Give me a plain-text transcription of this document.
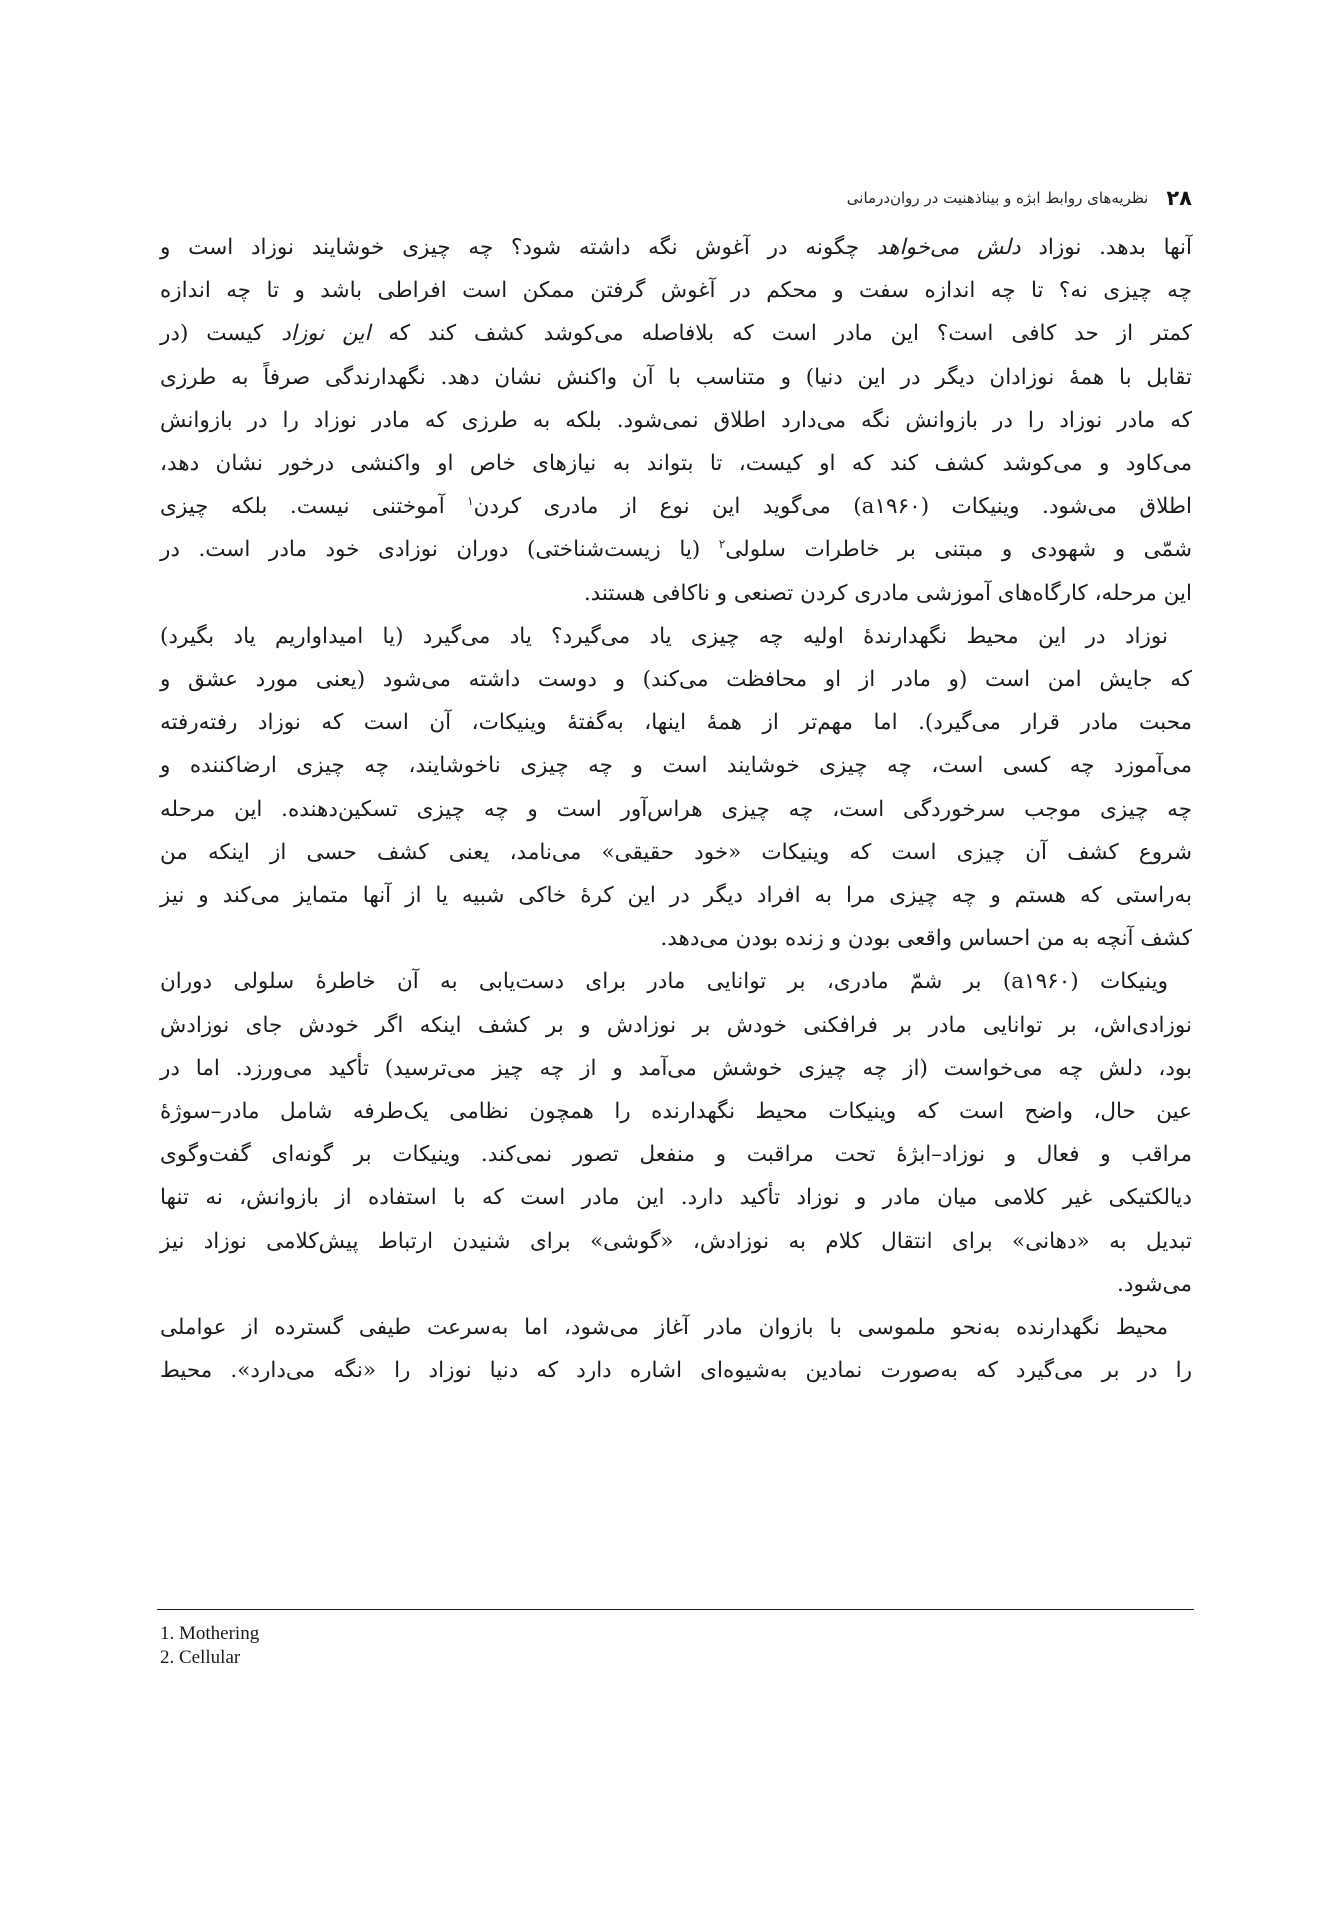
۲۸
نظریه‌های روابط ابژه و بیناذهنیت در روان‌درمانی
آنها بدهد. نوزاد دلش می‌خواهد چگونه در آغوش نگه داشته شود؟ چه چیزی خوشایند نوزاد است و
چه چیزی نه؟ تا چه اندازه سفت و محکم در آغوش گرفتن ممکن است افراطی باشد و تا چه اندازه
کمتر از حد کافی است؟ این مادر است که بلافاصله می‌کوشد کشف کند که این نوزاد کیست (در
تقابل با همهٔ نوزادان دیگر در این دنیا) و متناسب با آن واکنش نشان دهد. نگهدارندگی صرفاً به طرزی
که مادر نوزاد را در بازوانش نگه می‌دارد اطلاق نمی‌شود. بلکه به طرزی که مادر نوزاد را در بازوانش
می‌کاود و می‌کوشد کشف کند که او کیست، تا بتواند به نیازهای خاص او واکنشی درخور نشان دهد،
اطلاق می‌شود. وینیکات (a۱۹۶۰) می‌گوید این نوع از مادری کردن$^۱$ آموختنی نیست. بلکه چیزی
شمّی و شهودی و مبتنی بر خاطرات سلولی$^۲$ (یا زیست‌شناختی) دوران نوزادی خود مادر است. در
این مرحله، کارگاه‌های آموزشی مادری کردن تصنعی و ناکافی هستند.
نوزاد در این محیط نگهدارندهٔ اولیه چه چیزی یاد می‌گیرد؟ یاد می‌گیرد (یا امیداواریم یاد بگیرد)
که جایش امن است (و مادر از او محافظت می‌کند) و دوست داشته می‌شود (یعنی مورد عشق و
محبت مادر قرار می‌گیرد). اما مهم‌تر از همهٔ اینها، به‌گفتهٔ وینیکات، آن است که نوزاد رفته‌رفته
می‌آموزد چه کسی است، چه چیزی خوشایند است و چه چیزی ناخوشایند، چه چیزی ارضاکننده و
چه چیزی موجب سرخوردگی است، چه چیزی هراس‌آور است و چه چیزی تسکین‌دهنده. این مرحله
شروع کشف آن چیزی است که وینیکات «خود حقیقی» می‌نامد، یعنی کشف حسی از اینکه من
به‌راستی که هستم و چه چیزی مرا به افراد دیگر در این کرهٔ خاکی شبیه یا از آنها متمایز می‌کند و نیز
کشف آنچه به من احساس واقعی بودن و زنده بودن می‌دهد.
وینیکات (a۱۹۶۰) بر شمّ مادری، بر توانایی مادر برای دست‌یابی به آن خاطرهٔ سلولی دوران
نوزادی‌اش، بر توانایی مادر بر فرافکنی خودش بر نوزادش و بر کشف اینکه اگر خودش جای نوزادش
بود، دلش چه می‌خواست (از چه چیزی خوشش می‌آمد و از چه چیز می‌ترسید) تأکید می‌ورزد. اما در
عین حال، واضح است که وینیکات محیط نگهدارنده را همچون نظامی یک‌طرفه شامل مادر–سوژهٔ
مراقب و فعال و نوزاد–ابژهٔ تحت مراقبت و منفعل تصور نمی‌کند. وینیکات بر گونه‌ای گفت‌وگوی
دیالکتیکی غیر کلامی میان مادر و نوزاد تأکید دارد. این مادر است که با استفاده از بازوانش، نه تنها
تبدیل به «دهانی» برای انتقال کلام به نوزادش، «گوشی» برای شنیدن ارتباط پیش‌کلامی نوزاد نیز
می‌شود.
محیط نگهدارنده به‌نحو ملموسی با بازوان مادر آغاز می‌شود، اما به‌سرعت طیفی گسترده از عواملی
را در بر می‌گیرد که به‌صورت نمادین به‌شیوه‌ای اشاره دارد که دنیا نوزاد را «نگه می‌دارد». محیط
1. Mothering
2. Cellular
